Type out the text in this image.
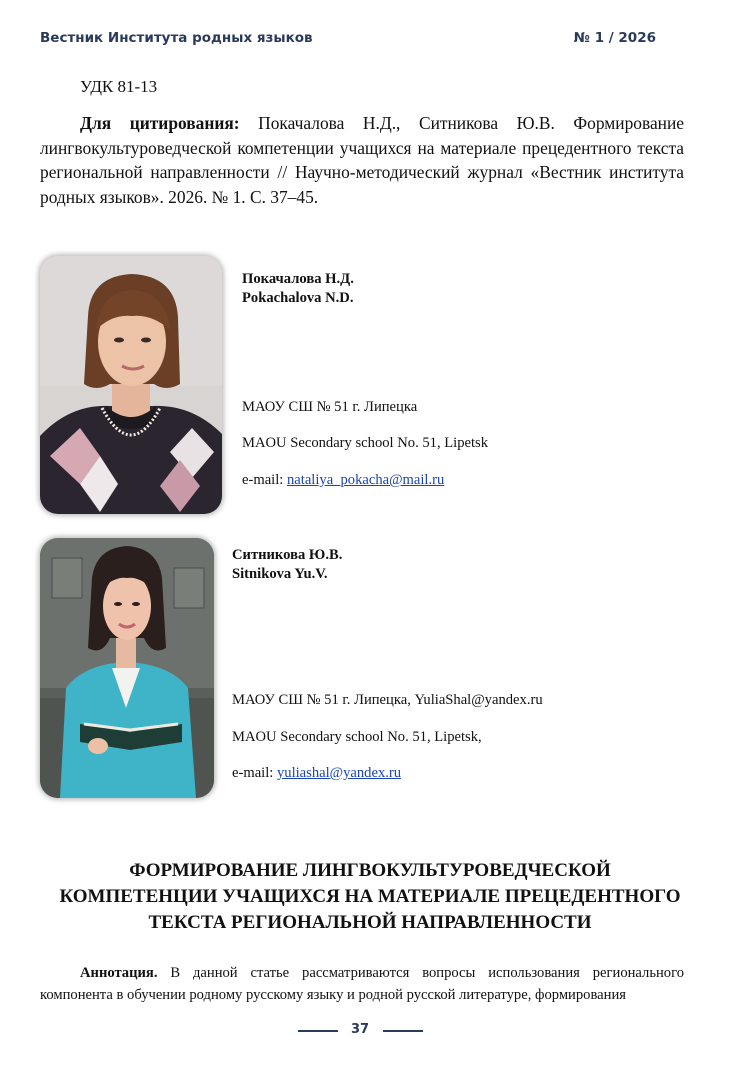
Вестник Института родных языков	№ 1 / 2026
УДК 81-13
Для цитирования: Покачалова Н.Д., Ситникова Ю.В. Формирование лингвокультуроведческой компетенции учащихся на материале прецедентного текста региональной направленности // Научно-методический журнал «Вестник института родных языков». 2026. № 1. С. 37–45.
Покачалова Н.Д.
Pokachalova N.D.
МАОУ СШ № 51 г. Липецка
MAOU Secondary school No. 51, Lipetsk
e-mail: nataliya_pokacha@mail.ru
Ситникова Ю.В.
Sitnikova Yu.V.
МАОУ СШ № 51 г. Липецка, YuliaShal@yandex.ru
MAOU Secondary school No. 51, Lipetsk,
e-mail: yuliashal@yandex.ru
ФОРМИРОВАНИЕ ЛИНГВОКУЛЬТУРОВЕДЧЕСКОЙ
КОМПЕТЕНЦИИ УЧАЩИХСЯ НА МАТЕРИАЛЕ ПРЕЦЕДЕНТНОГО
ТЕКСТА РЕГИОНАЛЬНОЙ НАПРАВЛЕННОСТИ
Аннотация. В данной статье рассматриваются вопросы использования регионального компонента в обучении родному русскому языку и родной русской литературе, формирования
37
